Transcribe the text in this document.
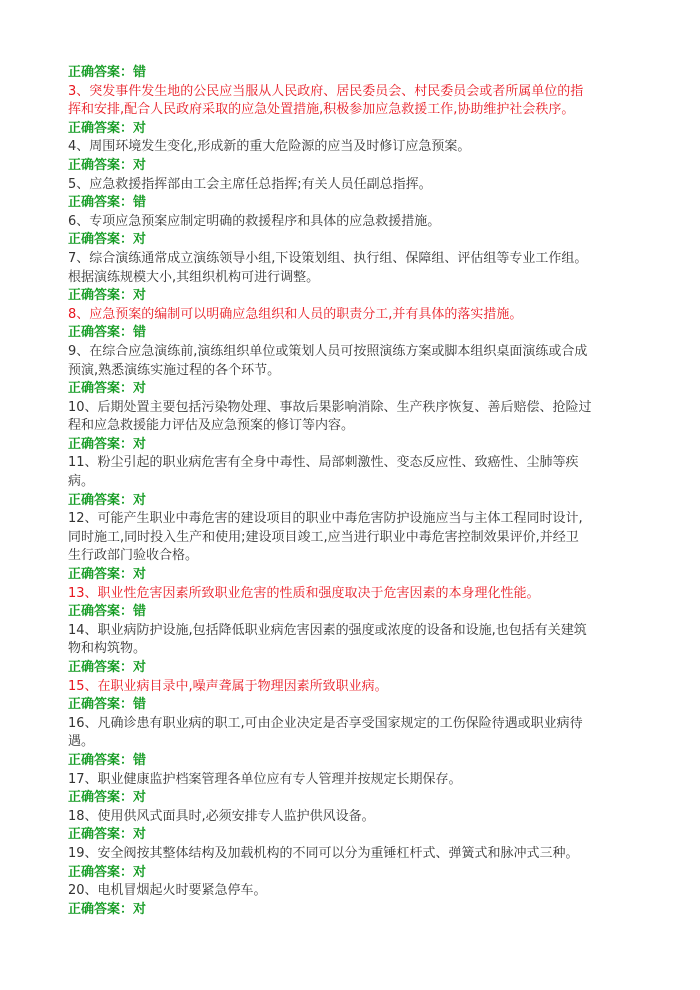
正确答案：错
3、突发事件发生地的公民应当服从人民政府、居民委员会、村民委员会或者所属单位的指
挥和安排,配合人民政府采取的应急处置措施,积极参加应急救援工作,协助维护社会秩序。
正确答案：对
4、周围环境发生变化,形成新的重大危险源的应当及时修订应急预案。
正确答案：对
5、应急救援指挥部由工会主席任总指挥;有关人员任副总指挥。
正确答案：错
6、专项应急预案应制定明确的救援程序和具体的应急救援措施。
正确答案：对
7、综合演练通常成立演练领导小组,下设策划组、执行组、保障组、评估组等专业工作组。
根据演练规模大小,其组织机构可进行调整。
正确答案：对
8、应急预案的编制可以明确应急组织和人员的职责分工,并有具体的落实措施。
正确答案：错
9、在综合应急演练前,演练组织单位或策划人员可按照演练方案或脚本组织桌面演练或合成
预演,熟悉演练实施过程的各个环节。
正确答案：对
10、后期处置主要包括污染物处理、事故后果影响消除、生产秩序恢复、善后赔偿、抢险过
程和应急救援能力评估及应急预案的修订等内容。
正确答案：对
11、粉尘引起的职业病危害有全身中毒性、局部刺激性、变态反应性、致癌性、尘肺等疾
病。
正确答案：对
12、可能产生职业中毒危害的建设项目的职业中毒危害防护设施应当与主体工程同时设计,
同时施工,同时投入生产和使用;建设项目竣工,应当进行职业中毒危害控制效果评价,并经卫
生行政部门验收合格。
正确答案：对
13、职业性危害因素所致职业危害的性质和强度取决于危害因素的本身理化性能。
正确答案：错
14、职业病防护设施,包括降低职业病危害因素的强度或浓度的设备和设施,也包括有关建筑
物和构筑物。
正确答案：对
15、在职业病目录中,噪声聋属于物理因素所致职业病。
正确答案：错
16、凡确诊患有职业病的职工,可由企业决定是否享受国家规定的工伤保险待遇或职业病待
遇。
正确答案：错
17、职业健康监护档案管理各单位应有专人管理并按规定长期保存。
正确答案：对
18、使用供风式面具时,必须安排专人监护供风设备。
正确答案：对
19、安全阀按其整体结构及加载机构的不同可以分为重锤杠杆式、弹簧式和脉冲式三种。
正确答案：对
20、电机冒烟起火时要紧急停车。
正确答案：对
